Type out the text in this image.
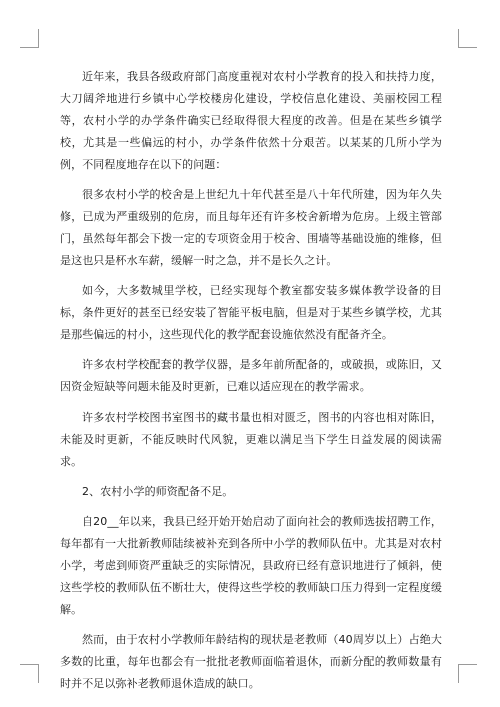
近年来，我县各级政府部门高度重视对农村小学教育的投入和扶持力度，大刀阔斧地进行乡镇中心学校楼房化建设，学校信息化建设、美丽校园工程等，农村小学的办学条件确实已经取得很大程度的改善。但是在某些乡镇学校，尤其是一些偏远的村小，办学条件依然十分艰苦。以某某的几所小学为例，不同程度地存在以下的问题：

很多农村小学的校舍是上世纪九十年代甚至是八十年代所建，因为年久失修，已成为严重级别的危房，而且每年还有许多校舍新增为危房。上级主管部门，虽然每年都会下拨一定的专项资金用于校舍、围墙等基础设施的维修，但是这也只是杯水车薪，缓解一时之急，并不是长久之计。

如今，大多数城里学校，已经实现每个教室都安装多媒体教学设备的目标，条件更好的甚至已经安装了智能平板电脑，但是对于某些乡镇学校，尤其是那些偏远的村小，这些现代化的教学配套设施依然没有配备齐全。

许多农村学校配套的教学仪器，是多年前所配备的，或破损，或陈旧，又因资金短缺等问题未能及时更新，已难以适应现在的教学需求。

许多农村学校图书室图书的藏书量也相对匮乏，图书的内容也相对陈旧，未能及时更新，不能反映时代风貌，更难以满足当下学生日益发展的阅读需求。

2、农村小学的师资配备不足。

自20__年以来，我县已经开始开始启动了面向社会的教师选拔招聘工作，每年都有一大批新教师陆续被补充到各所中小学的教师队伍中。尤其是对农村小学，考虑到师资严重缺乏的实际情况，县政府已经有意识地进行了倾斜，使这些学校的教师队伍不断壮大，使得这些学校的教师缺口压力得到一定程度缓解。

然而，由于农村小学教师年龄结构的现状是老教师（40周岁以上）占绝大多数的比重，每年也都会有一批批老教师面临着退休，而新分配的教师数量有时并不足以弥补老教师退休造成的缺口。
